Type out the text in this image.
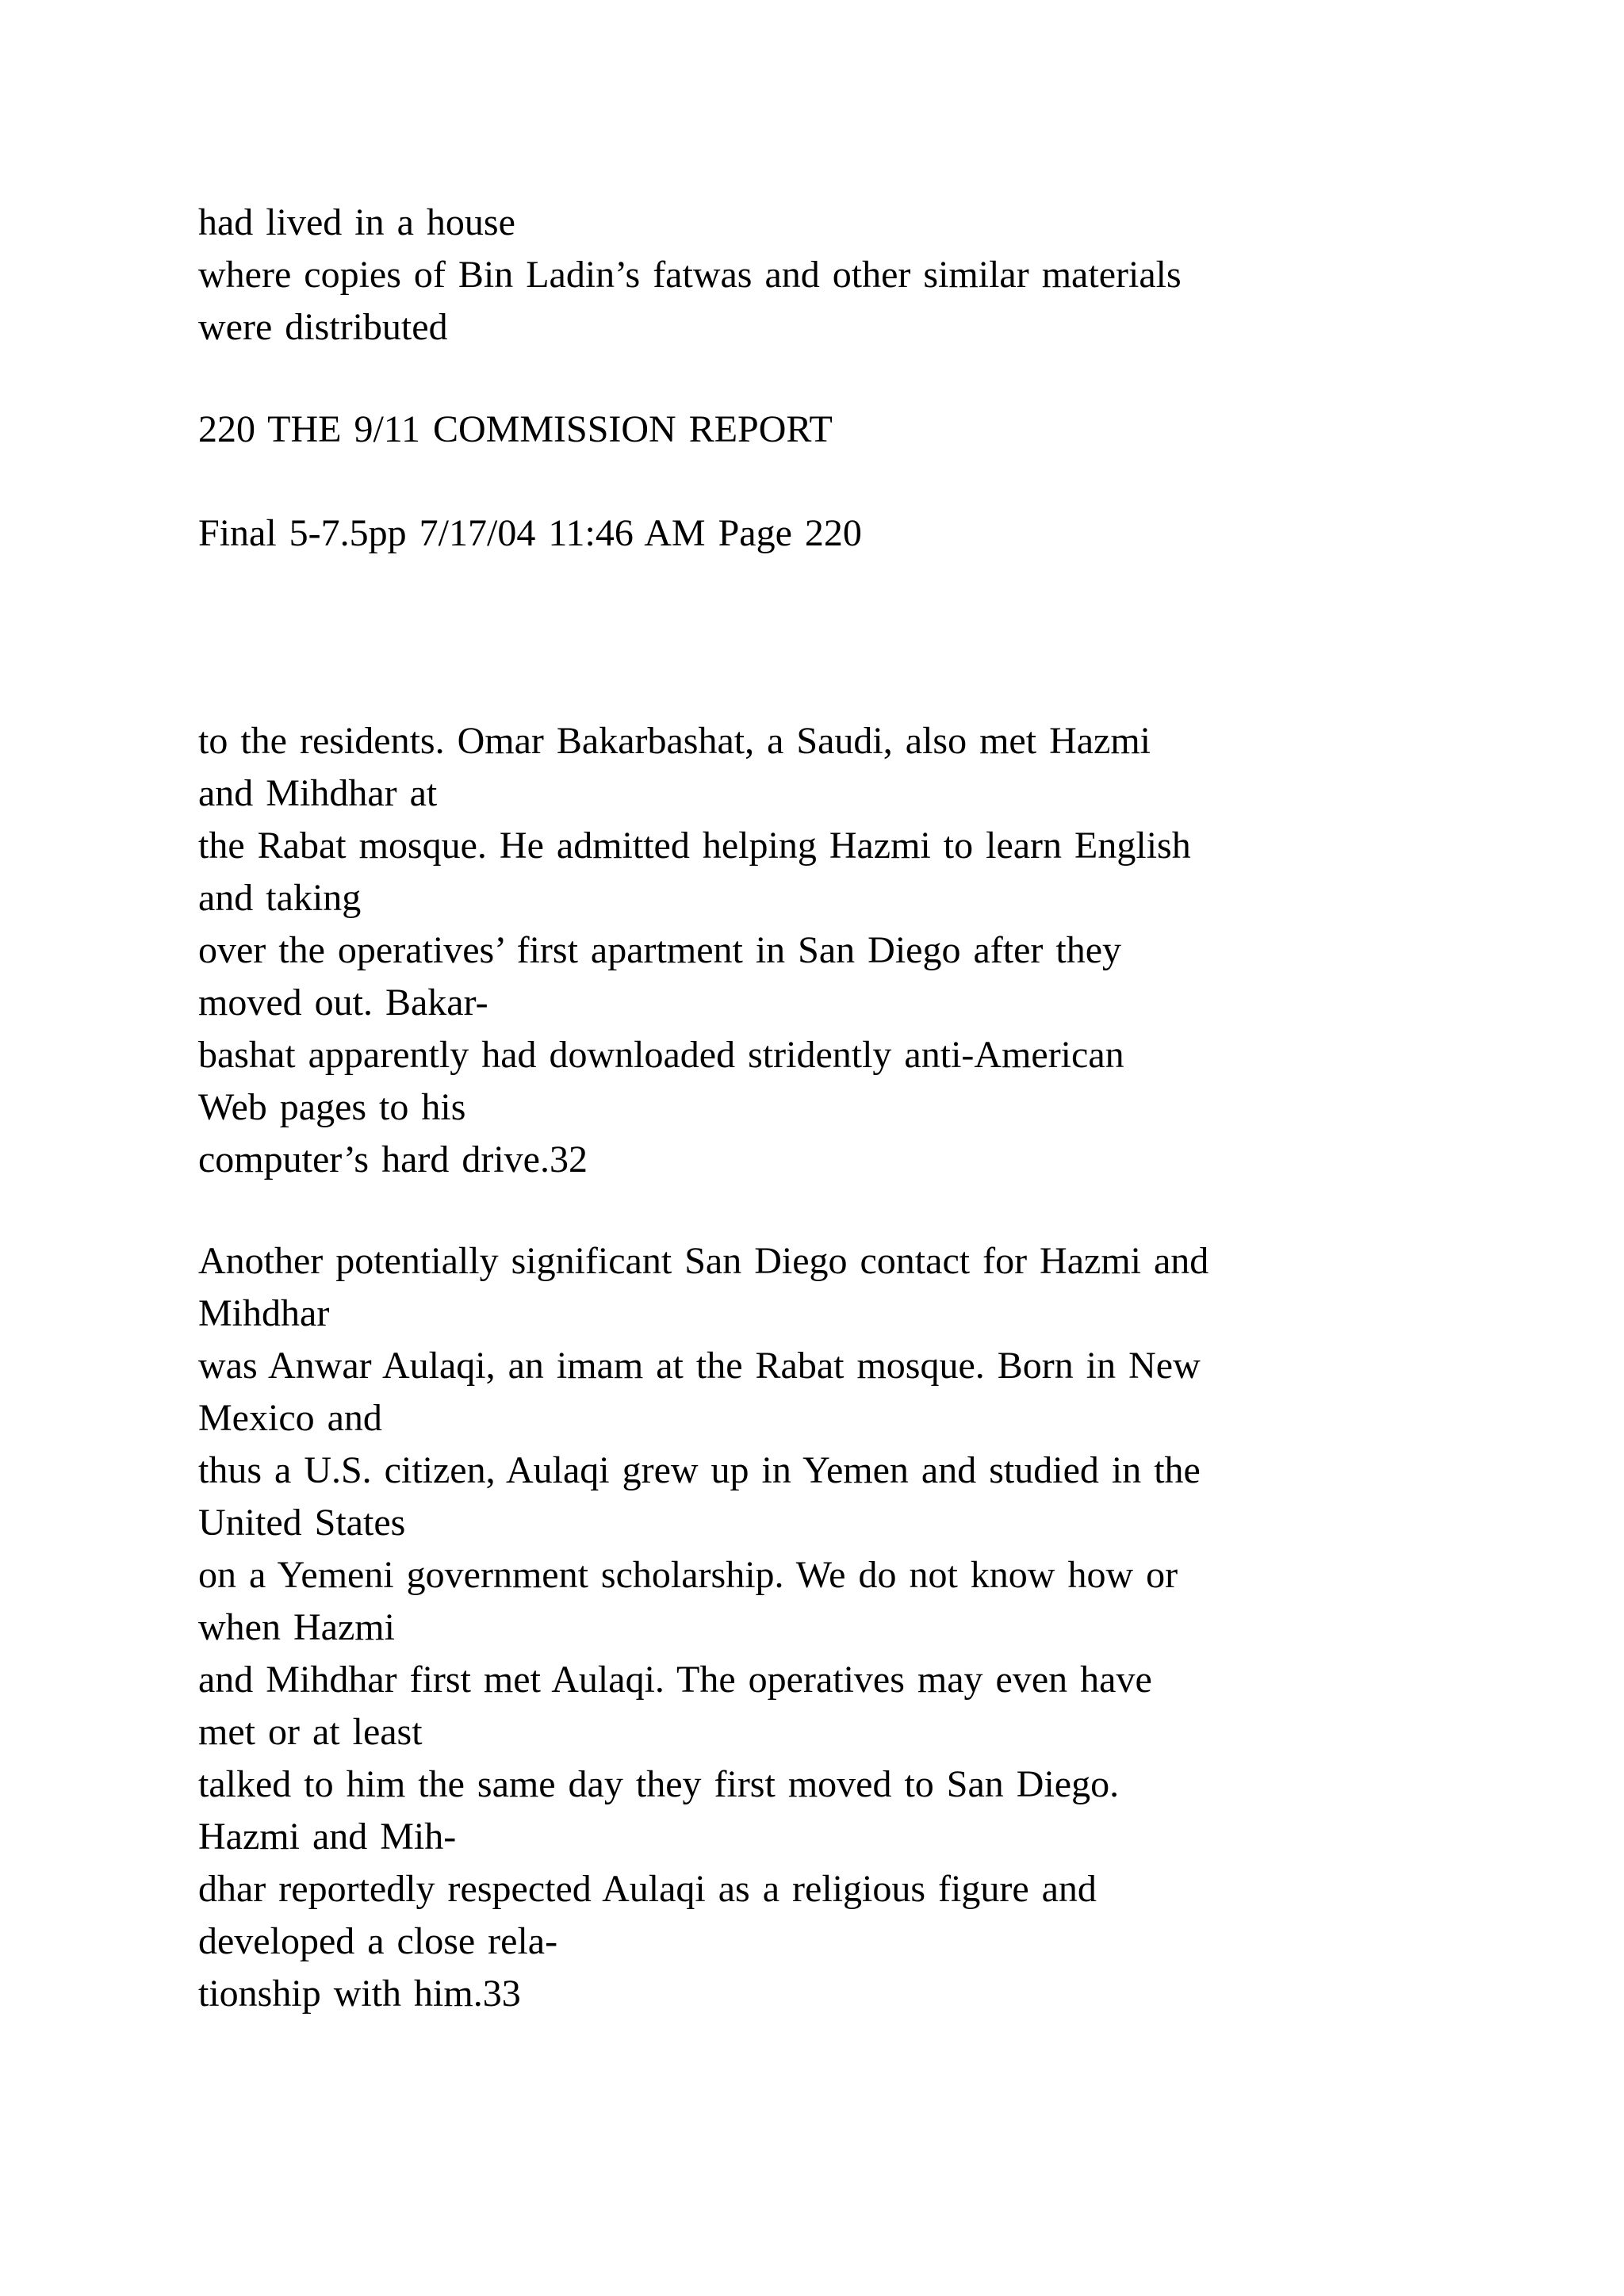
had lived in a house
where copies of Bin Ladin’s fatwas and other similar materials
were distributed

220 THE 9/11 COMMISSION REPORT

Final 5-7.5pp 7/17/04 11:46 AM Page 220

to the residents. Omar Bakarbashat, a Saudi, also met Hazmi
and Mihdhar at
the Rabat mosque. He admitted helping Hazmi to learn English
and taking
over the operatives’ first apartment in San Diego after they
moved out. Bakar-
bashat apparently had downloaded stridently anti-American
Web pages to his
computer’s hard drive.32

Another potentially significant San Diego contact for Hazmi and
Mihdhar
was Anwar Aulaqi, an imam at the Rabat mosque. Born in New
Mexico and
thus a U.S. citizen, Aulaqi grew up in Yemen and studied in the
United States
on a Yemeni government scholarship. We do not know how or
when Hazmi
and Mihdhar first met Aulaqi. The operatives may even have
met or at least
talked to him the same day they first moved to San Diego.
Hazmi and Mih-
dhar reportedly respected Aulaqi as a religious figure and
developed a close rela-
tionship with him.33
